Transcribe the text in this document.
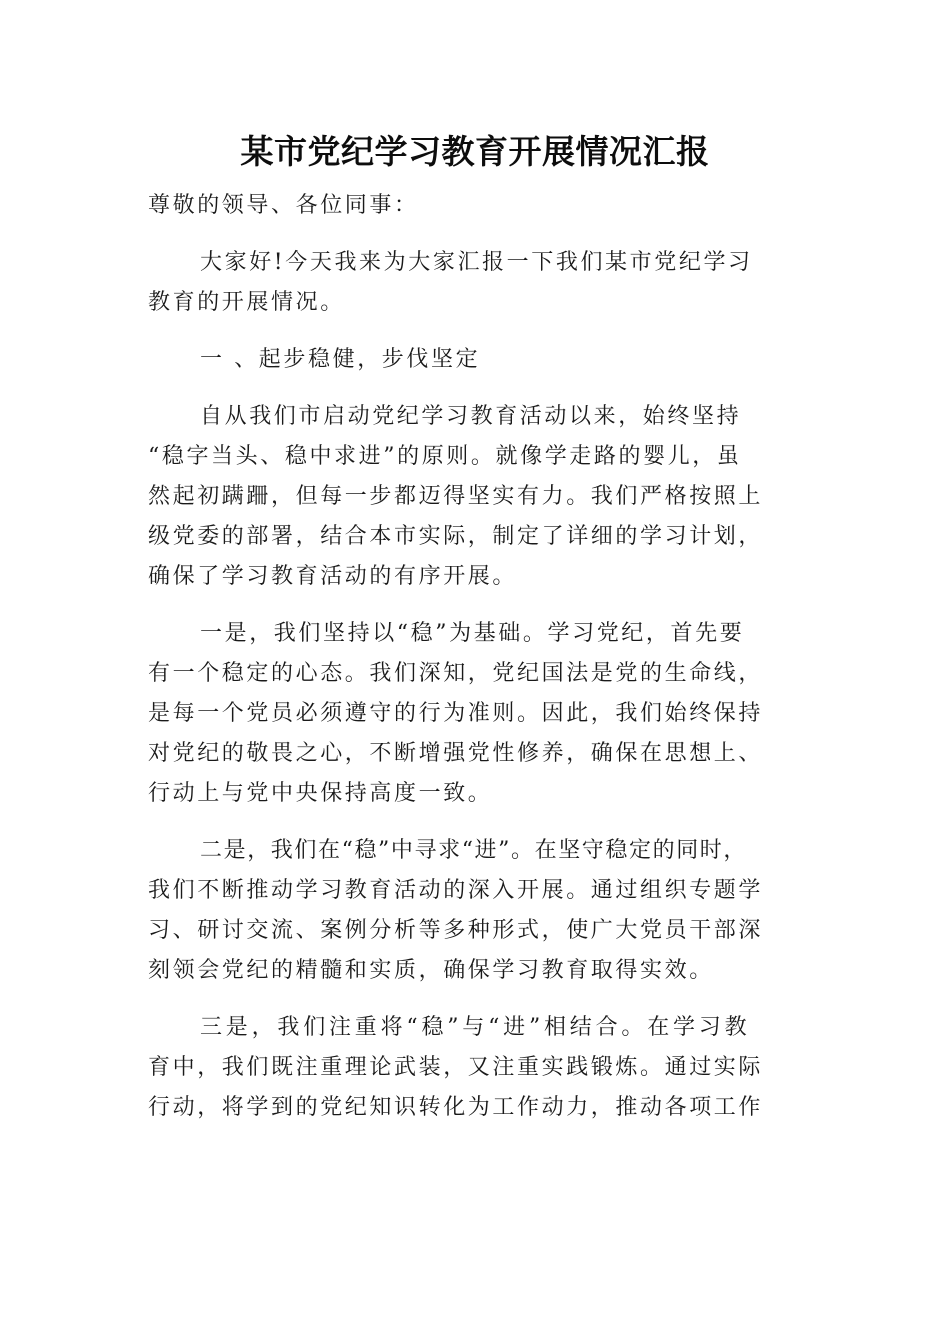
某市党纪学习教育开展情况汇报
尊敬的领导、各位同事：
大家好!今天我来为大家汇报一下我们某市党纪学习
教育的开展情况。
一 、起步稳健，步伐坚定
自从我们市启动党纪学习教育活动以来，始终坚持
“稳字当头、稳中求进”的原则。就像学走路的婴儿，虽
然起初蹒跚，但每一步都迈得坚实有力。我们严格按照上
级党委的部署，结合本市实际，制定了详细的学习计划，
确保了学习教育活动的有序开展。
一是，我们坚持以“稳”为基础。学习党纪，首先要
有一个稳定的心态。我们深知，党纪国法是党的生命线，
是每一个党员必须遵守的行为准则。因此，我们始终保持
对党纪的敬畏之心，不断增强党性修养，确保在思想上、
行动上与党中央保持高度一致。
二是，我们在“稳”中寻求“进”。在坚守稳定的同时，
我们不断推动学习教育活动的深入开展。通过组织专题学
习、研讨交流、案例分析等多种形式，使广大党员干部深
刻领会党纪的精髓和实质，确保学习教育取得实效。
三是，我们注重将“稳”与“进”相结合。在学习教
育中，我们既注重理论武装，又注重实践锻炼。通过实际
行动，将学到的党纪知识转化为工作动力，推动各项工作
